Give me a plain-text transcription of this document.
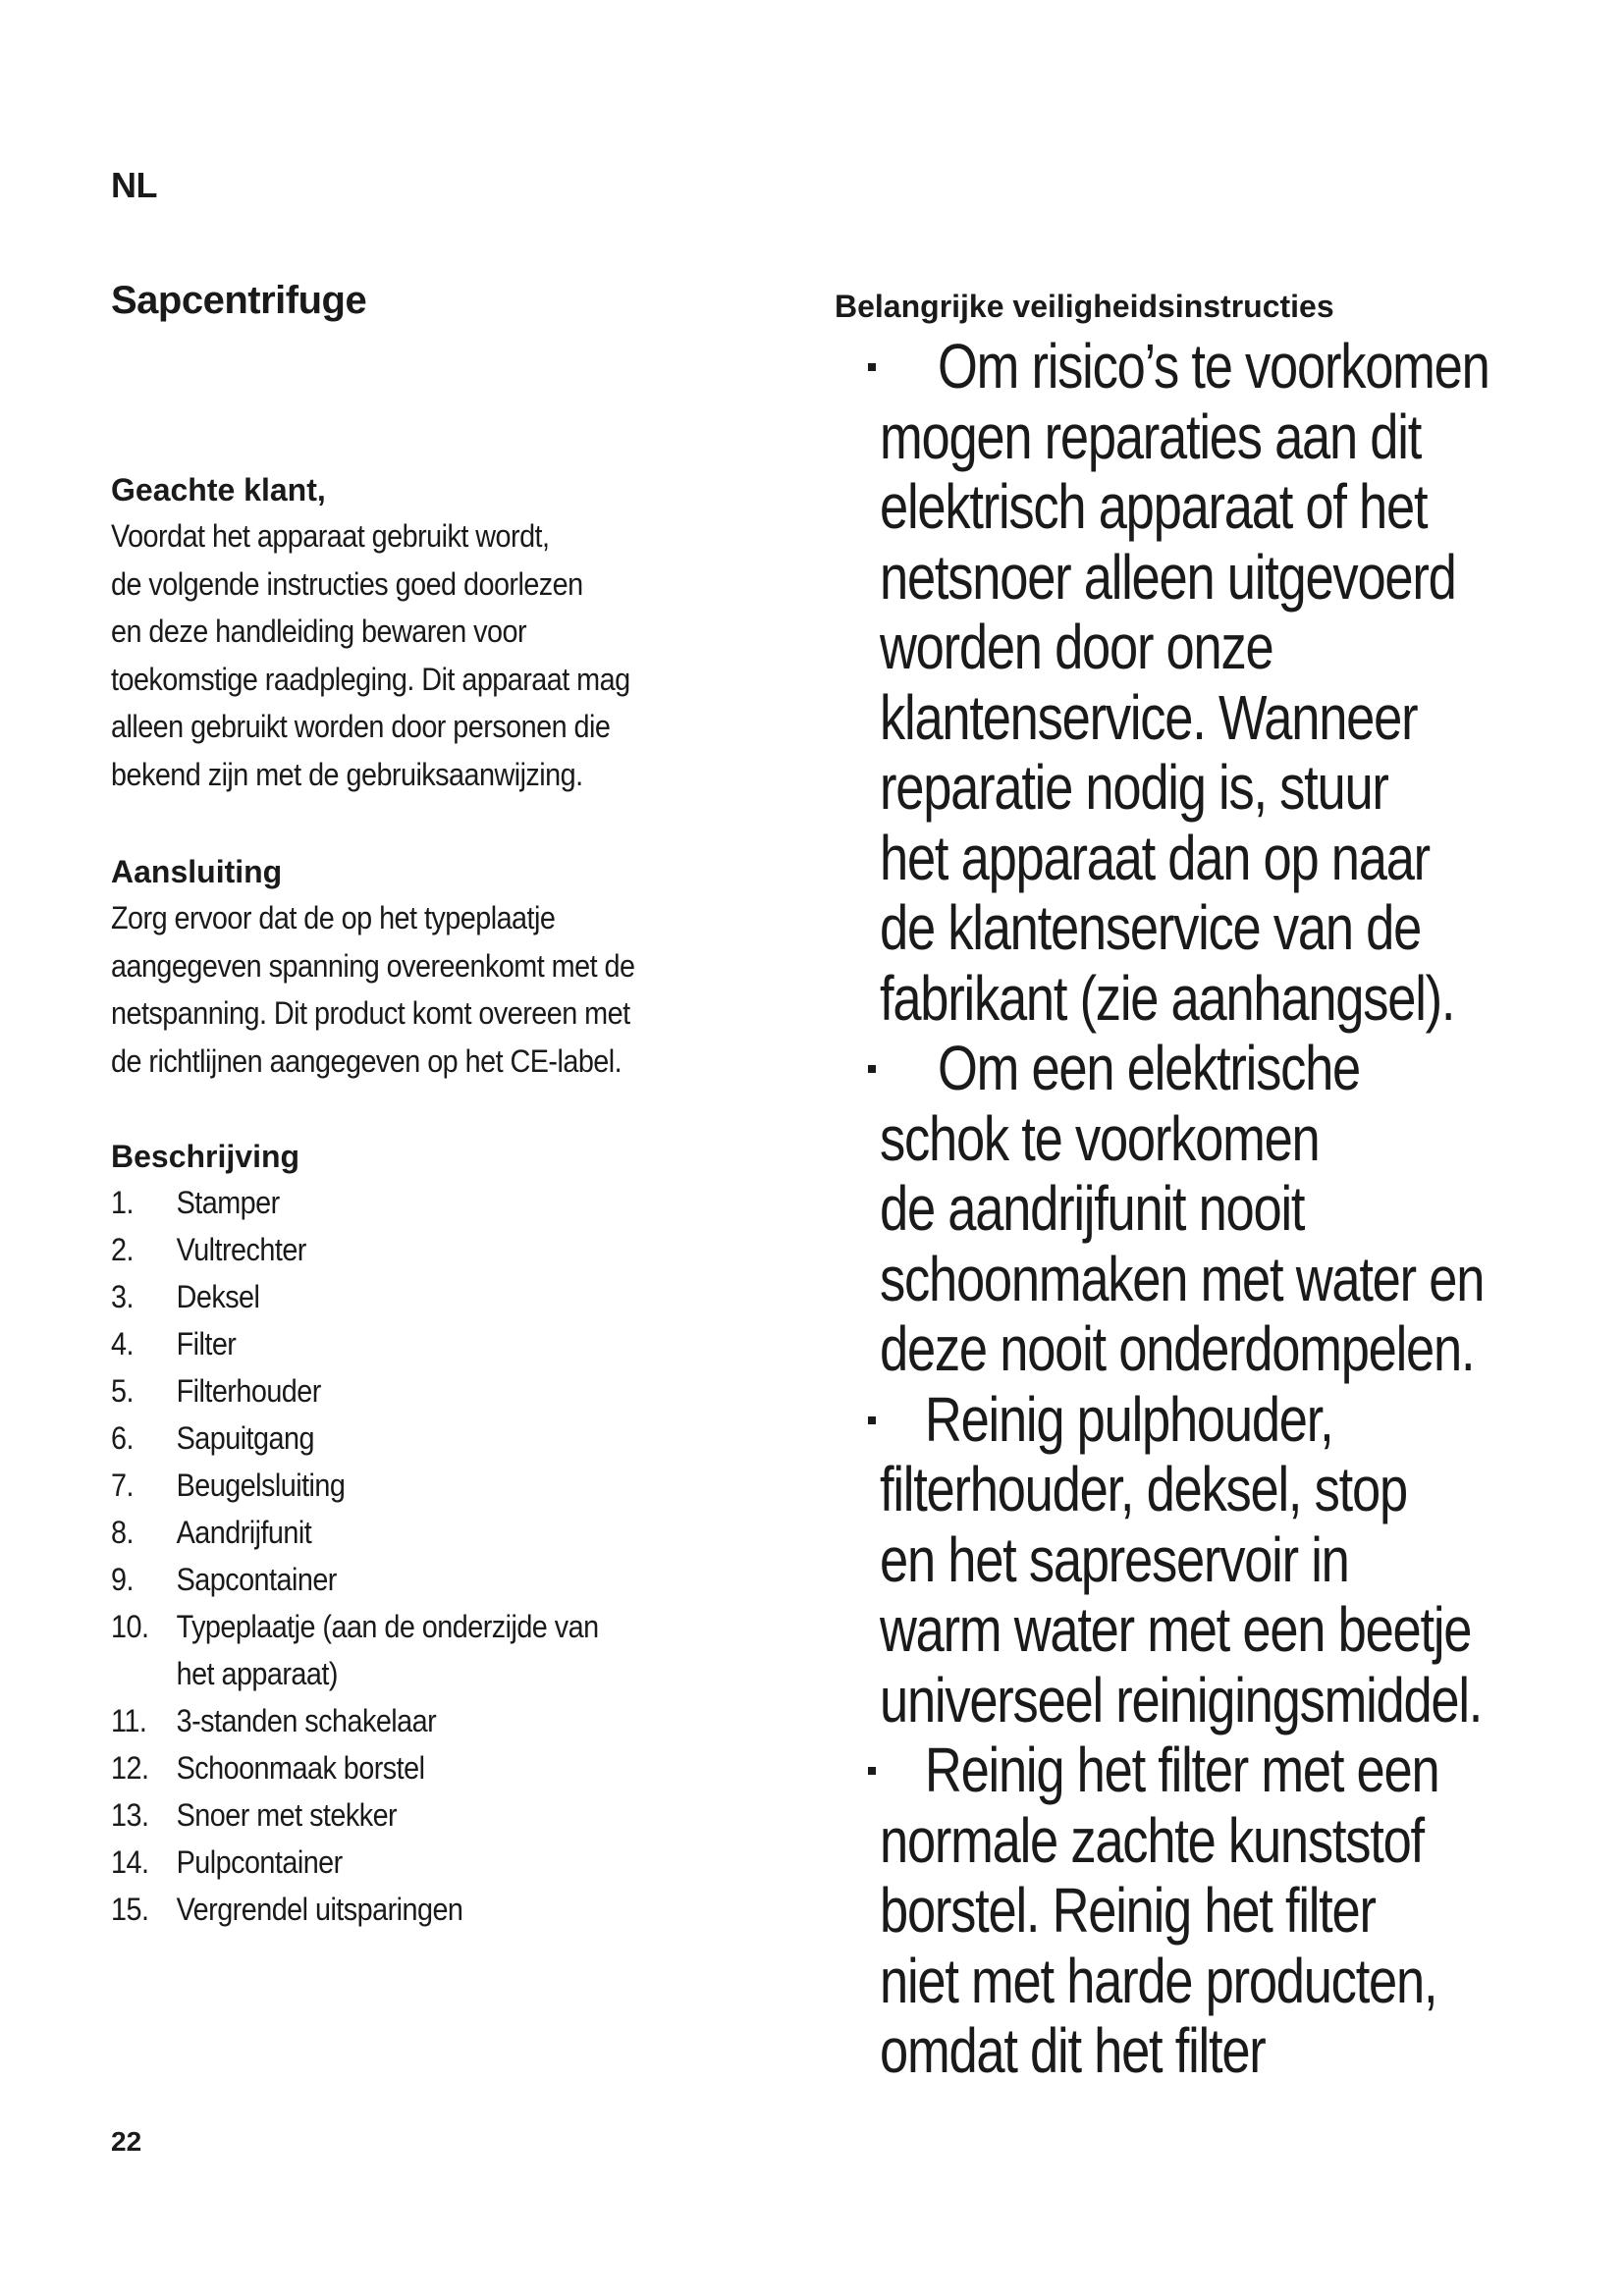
NL
Sapcentrifuge
Geachte klant,

Voordat het apparaat gebruikt wordt,

de volgende instructies goed doorlezen

en deze handleiding bewaren voor

toekomstige raadpleging. Dit apparaat mag

alleen gebruikt worden door personen die

bekend zijn met de gebruiksaanwijzing.

Aansluiting

Zorg ervoor dat de op het typeplaatje

aangegeven spanning overeenkomt met de

netspanning. Dit product komt overeen met

de richtlijnen aangegeven op het CE-label.

Beschrijving
1.	Stamper
2.	Vultrechter
3.	Deksel
4.	Filter
5.	Filterhouder
6.	Sapuitgang
7.	Beugelsluiting
8.	Aandrijfunit
9.	Sapcontainer
10. Typeplaatje (aan de onderzijde van
het apparaat)
11. 3-standen schakelaar
12. Schoonmaak borstel
13. Snoer met stekker
14. Pulpcontainer
15. Vergrendel uitsparingen
Belangrijke veiligheidsinstructies
Om risico’s te voorkomen
mogen reparaties aan dit
elektrisch apparaat of het
netsnoer alleen uitgevoerd
worden door onze
klantenservice. Wanneer
reparatie nodig is, stuur
het apparaat dan op naar
de klantenservice van de
fabrikant (zie aanhangsel).
Om een elektrische
schok te voorkomen
de aandrijfunit nooit
schoonmaken met water en
deze nooit onderdompelen.
Reinig pulphouder,
filterhouder, deksel, stop
en het sapreservoir in
warm water met een beetje
universeel reinigingsmiddel.
Reinig het filter met een
normale zachte kunststof
borstel. Reinig het filter
niet met harde producten,
omdat dit het filter
22
